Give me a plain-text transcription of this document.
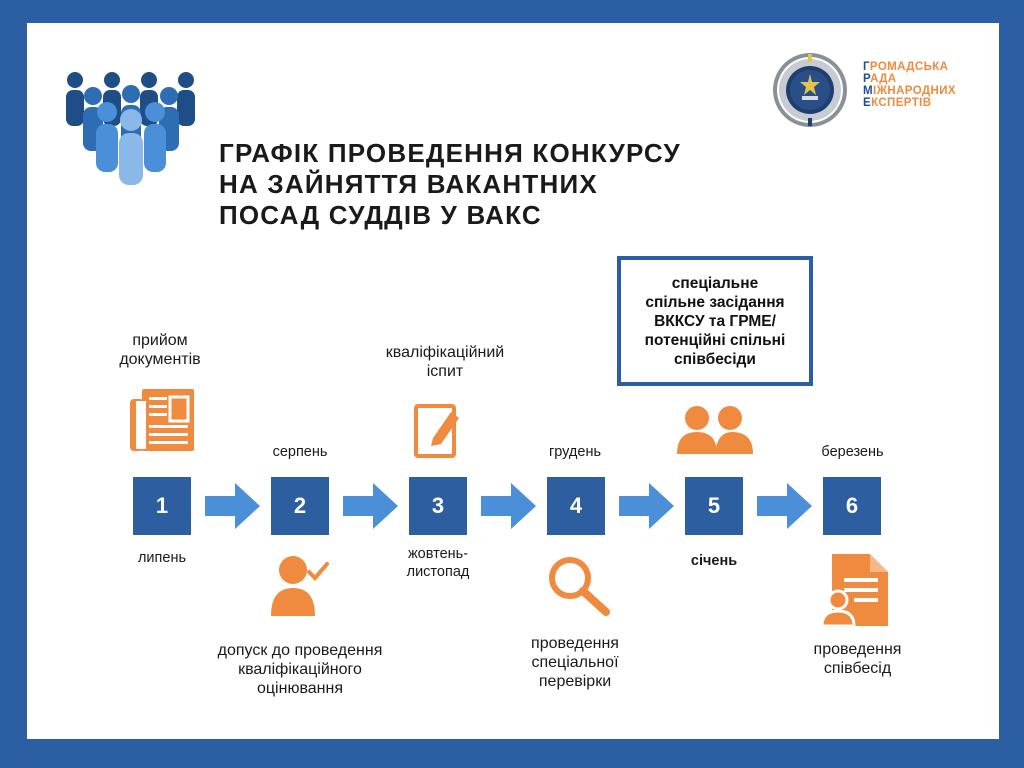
ГРАФІК ПРОВЕДЕННЯ КОНКУРСУ
НА ЗАЙНЯТТЯ ВАКАНТНИХ
ПОСАД СУДДІВ У ВАКС
ГРОМАДСЬКА
РАДА
МІЖНАРОДНИХ
ЕКСПЕРТІВ
прийом
документів	кваліфікаційний
іспит
спеціальне
спільне засідання
ВККСУ та ГРМЕ/
потенційні спільні
співбесіди
серпень	грудень	березень
1	2	3	4	5	6
липень	жовтень-
листопад
січень
допуск до проведення
кваліфікаційного
оцінювання
проведення
спеціальної
перевірки
проведення
співбесід
